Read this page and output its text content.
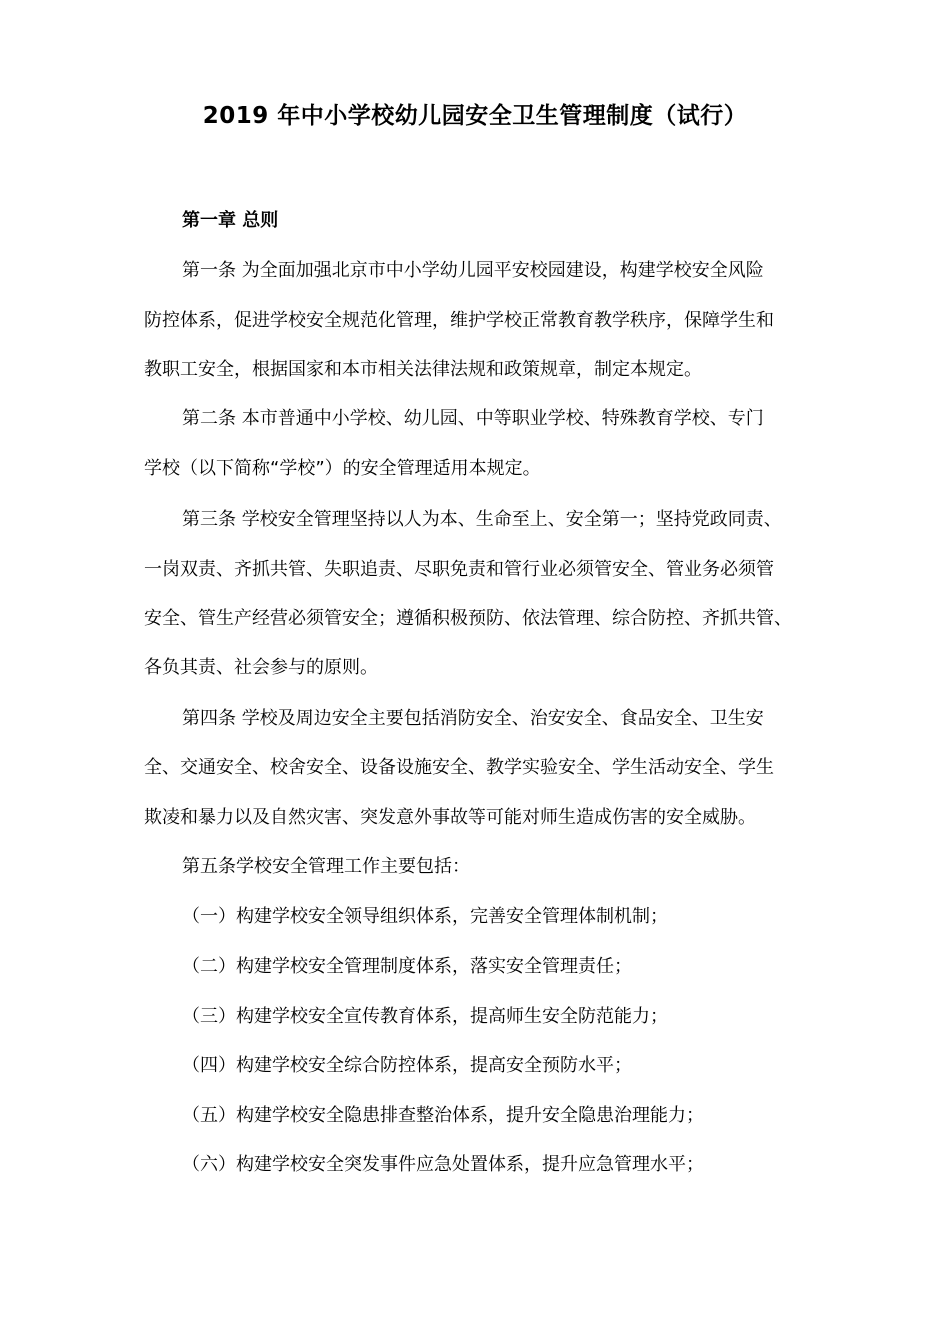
2019 年中小学校幼儿园安全卫生管理制度（试行）
第一章 总则
第一条 为全面加强北京市中小学幼儿园平安校园建设，构建学校安全风险
防控体系，促进学校安全规范化管理，维护学校正常教育教学秩序，保障学生和
教职工安全，根据国家和本市相关法律法规和政策规章，制定本规定。
第二条 本市普通中小学校、幼儿园、中等职业学校、特殊教育学校、专门
学校（以下简称“学校”）的安全管理适用本规定。
第三条 学校安全管理坚持以人为本、生命至上、安全第一；坚持党政同责、
一岗双责、齐抓共管、失职追责、尽职免责和管行业必须管安全、管业务必须管
安全、管生产经营必须管安全；遵循积极预防、依法管理、综合防控、齐抓共管、
各负其责、社会参与的原则。
第四条 学校及周边安全主要包括消防安全、治安安全、食品安全、卫生安
全、交通安全、校舍安全、设备设施安全、教学实验安全、学生活动安全、学生
欺凌和暴力以及自然灾害、突发意外事故等可能对师生造成伤害的安全威胁。
第五条学校安全管理工作主要包括：
（一）构建学校安全领导组织体系，完善安全管理体制机制；
（二）构建学校安全管理制度体系，落实安全管理责任；
（三）构建学校安全宣传教育体系，提高师生安全防范能力；
（四）构建学校安全综合防控体系，提高安全预防水平；
（五）构建学校安全隐患排查整治体系，提升安全隐患治理能力；
（六）构建学校安全突发事件应急处置体系，提升应急管理水平；
